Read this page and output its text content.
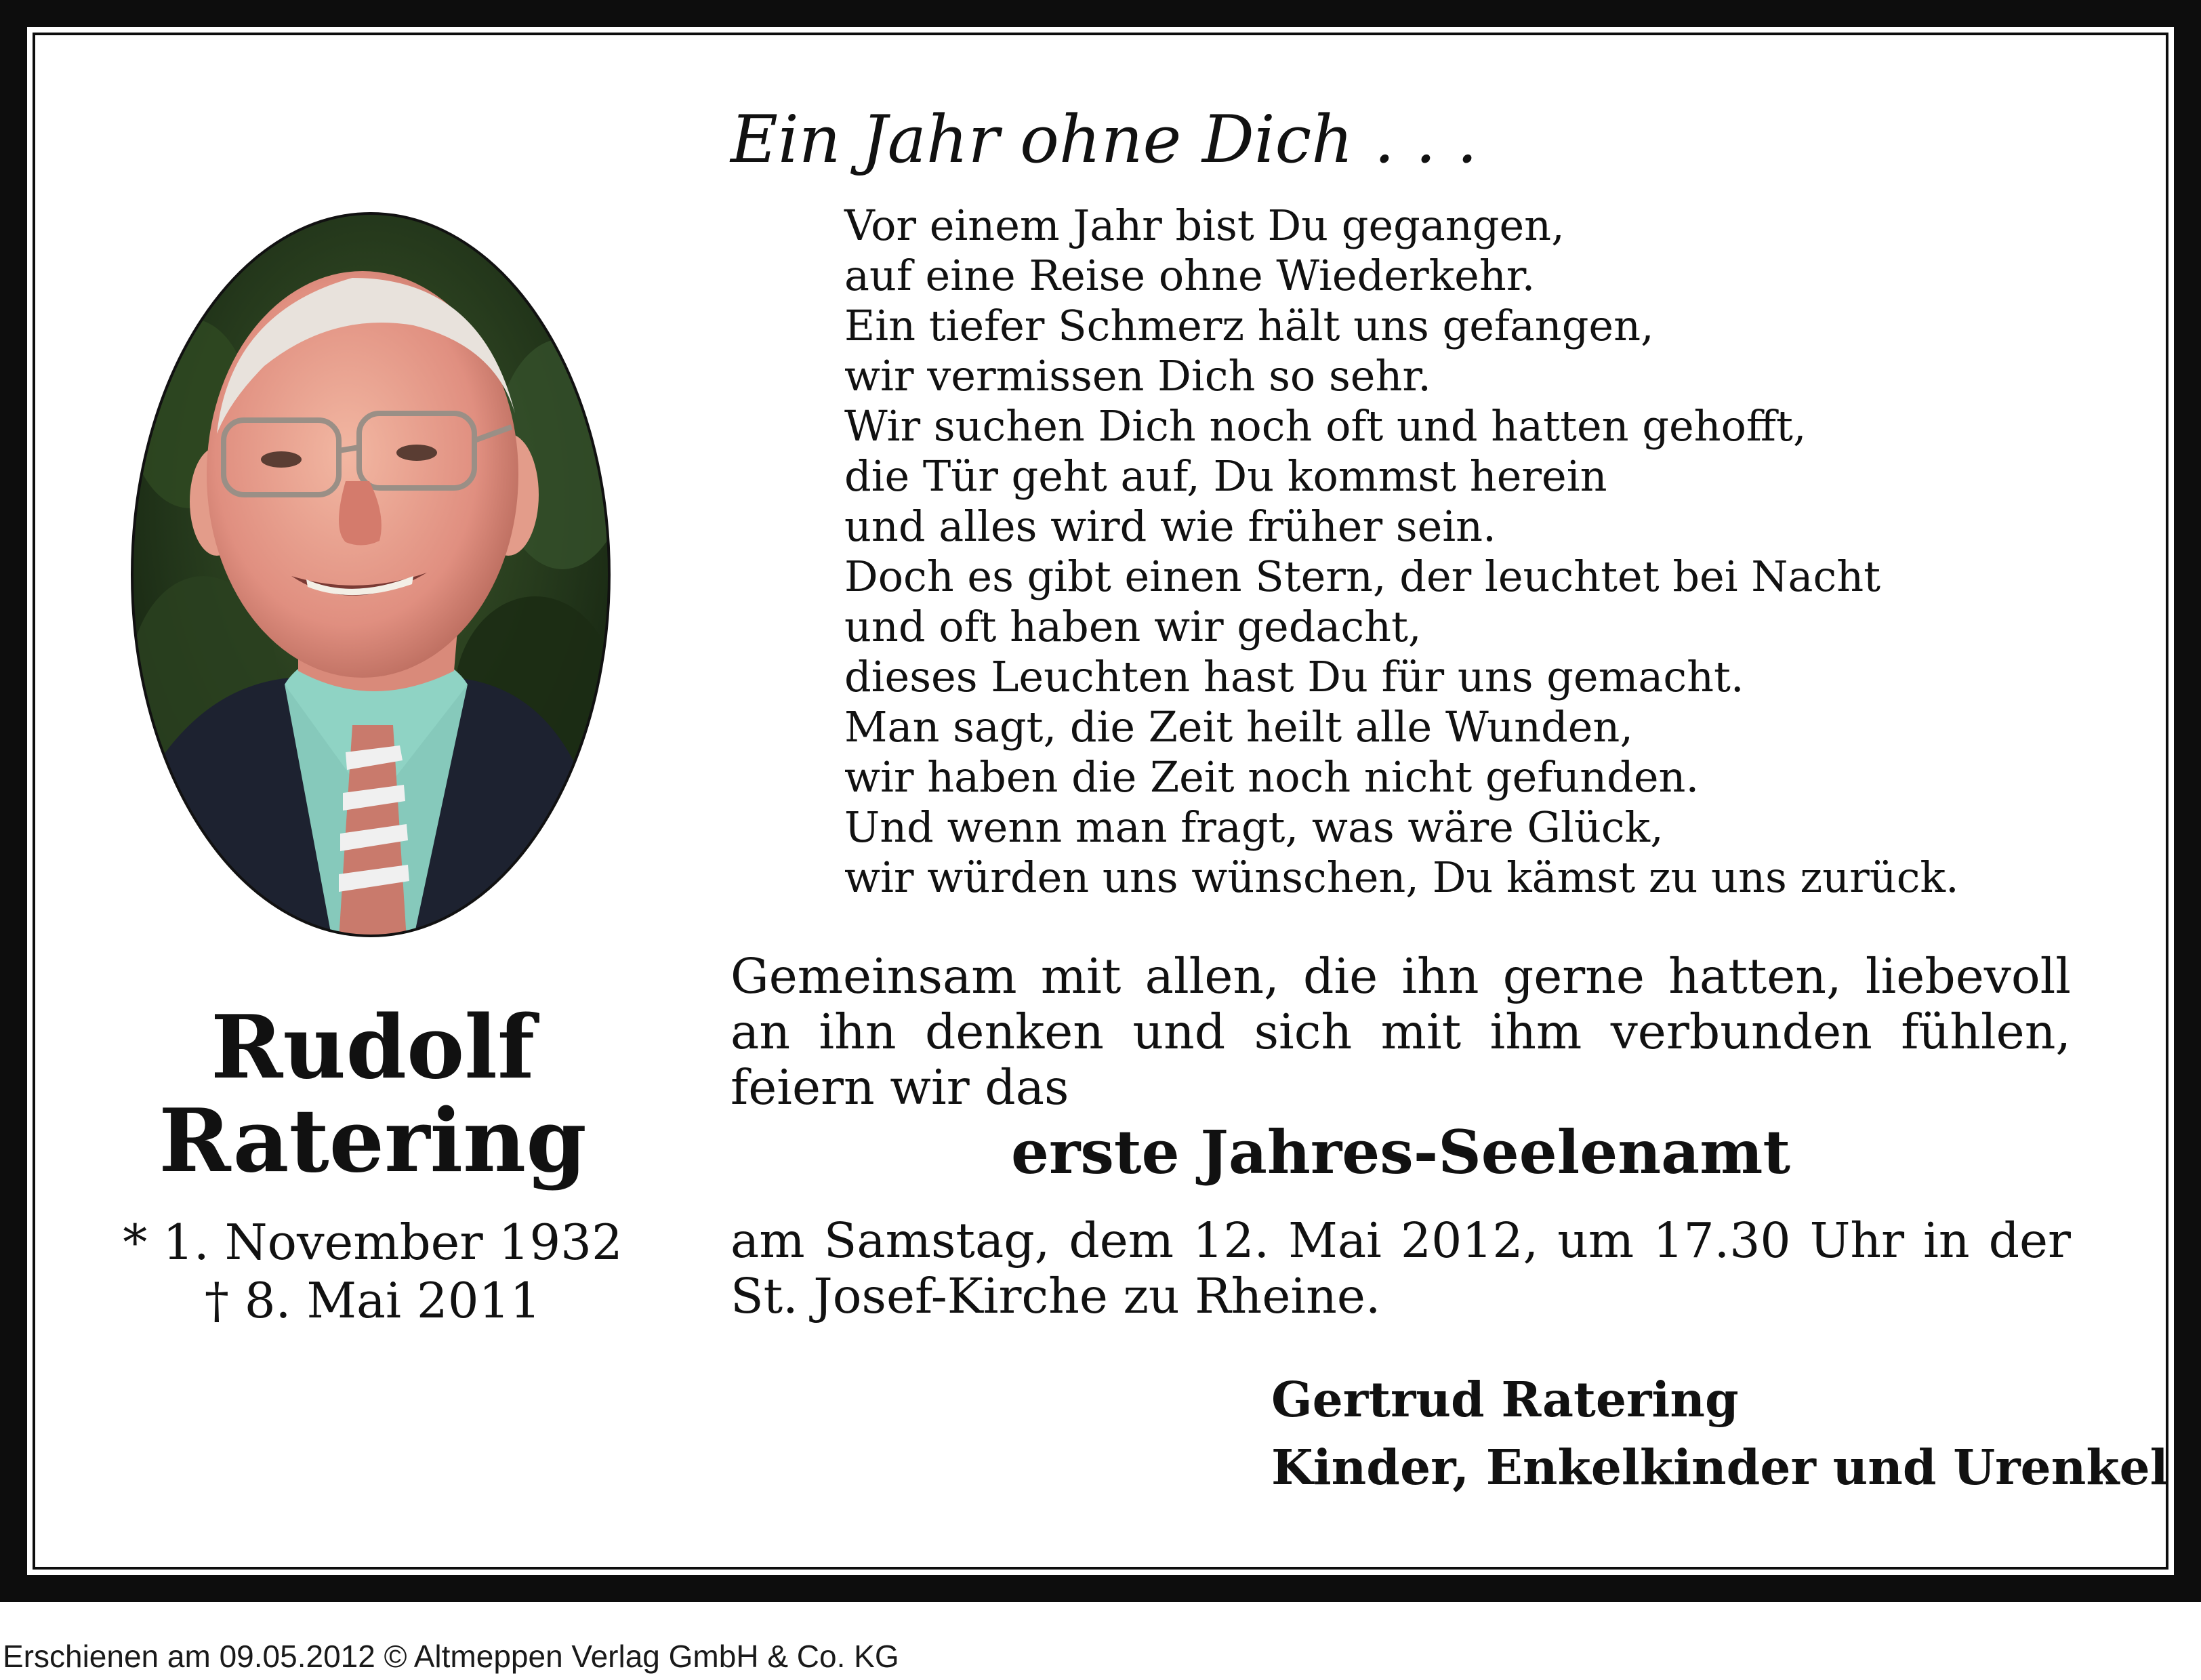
Rudolf
Ratering
* 1. November 1932
† 8. Mai 2011
Ein Jahr ohne Dich . . .
Vor einem Jahr bist Du gegangen,
auf eine Reise ohne Wiederkehr.
Ein tiefer Schmerz hält uns gefangen,
wir vermissen Dich so sehr.
Wir suchen Dich noch oft und hatten gehofft,
die Tür geht auf, Du kommst herein
und alles wird wie früher sein.
Doch es gibt einen Stern, der leuchtet bei Nacht
und oft haben wir gedacht,
dieses Leuchten hast Du für uns gemacht.
Man sagt, die Zeit heilt alle Wunden,
wir haben die Zeit noch nicht gefunden.
Und wenn man fragt, was wäre Glück,
wir würden uns wünschen, Du kämst zu uns zurück.
Gemeinsam mit allen, die ihn gerne hatten, liebevoll an ihn denken und sich mit ihm verbunden fühlen, feiern wir das
erste Jahres-Seelenamt
am Samstag, dem 12. Mai 2012, um 17.30 Uhr in der St. Josef-Kirche zu Rheine.
Gertrud Ratering
Kinder, Enkelkinder und Urenkel
Erschienen am 09.05.2012 © Altmeppen Verlag GmbH & Co. KG
